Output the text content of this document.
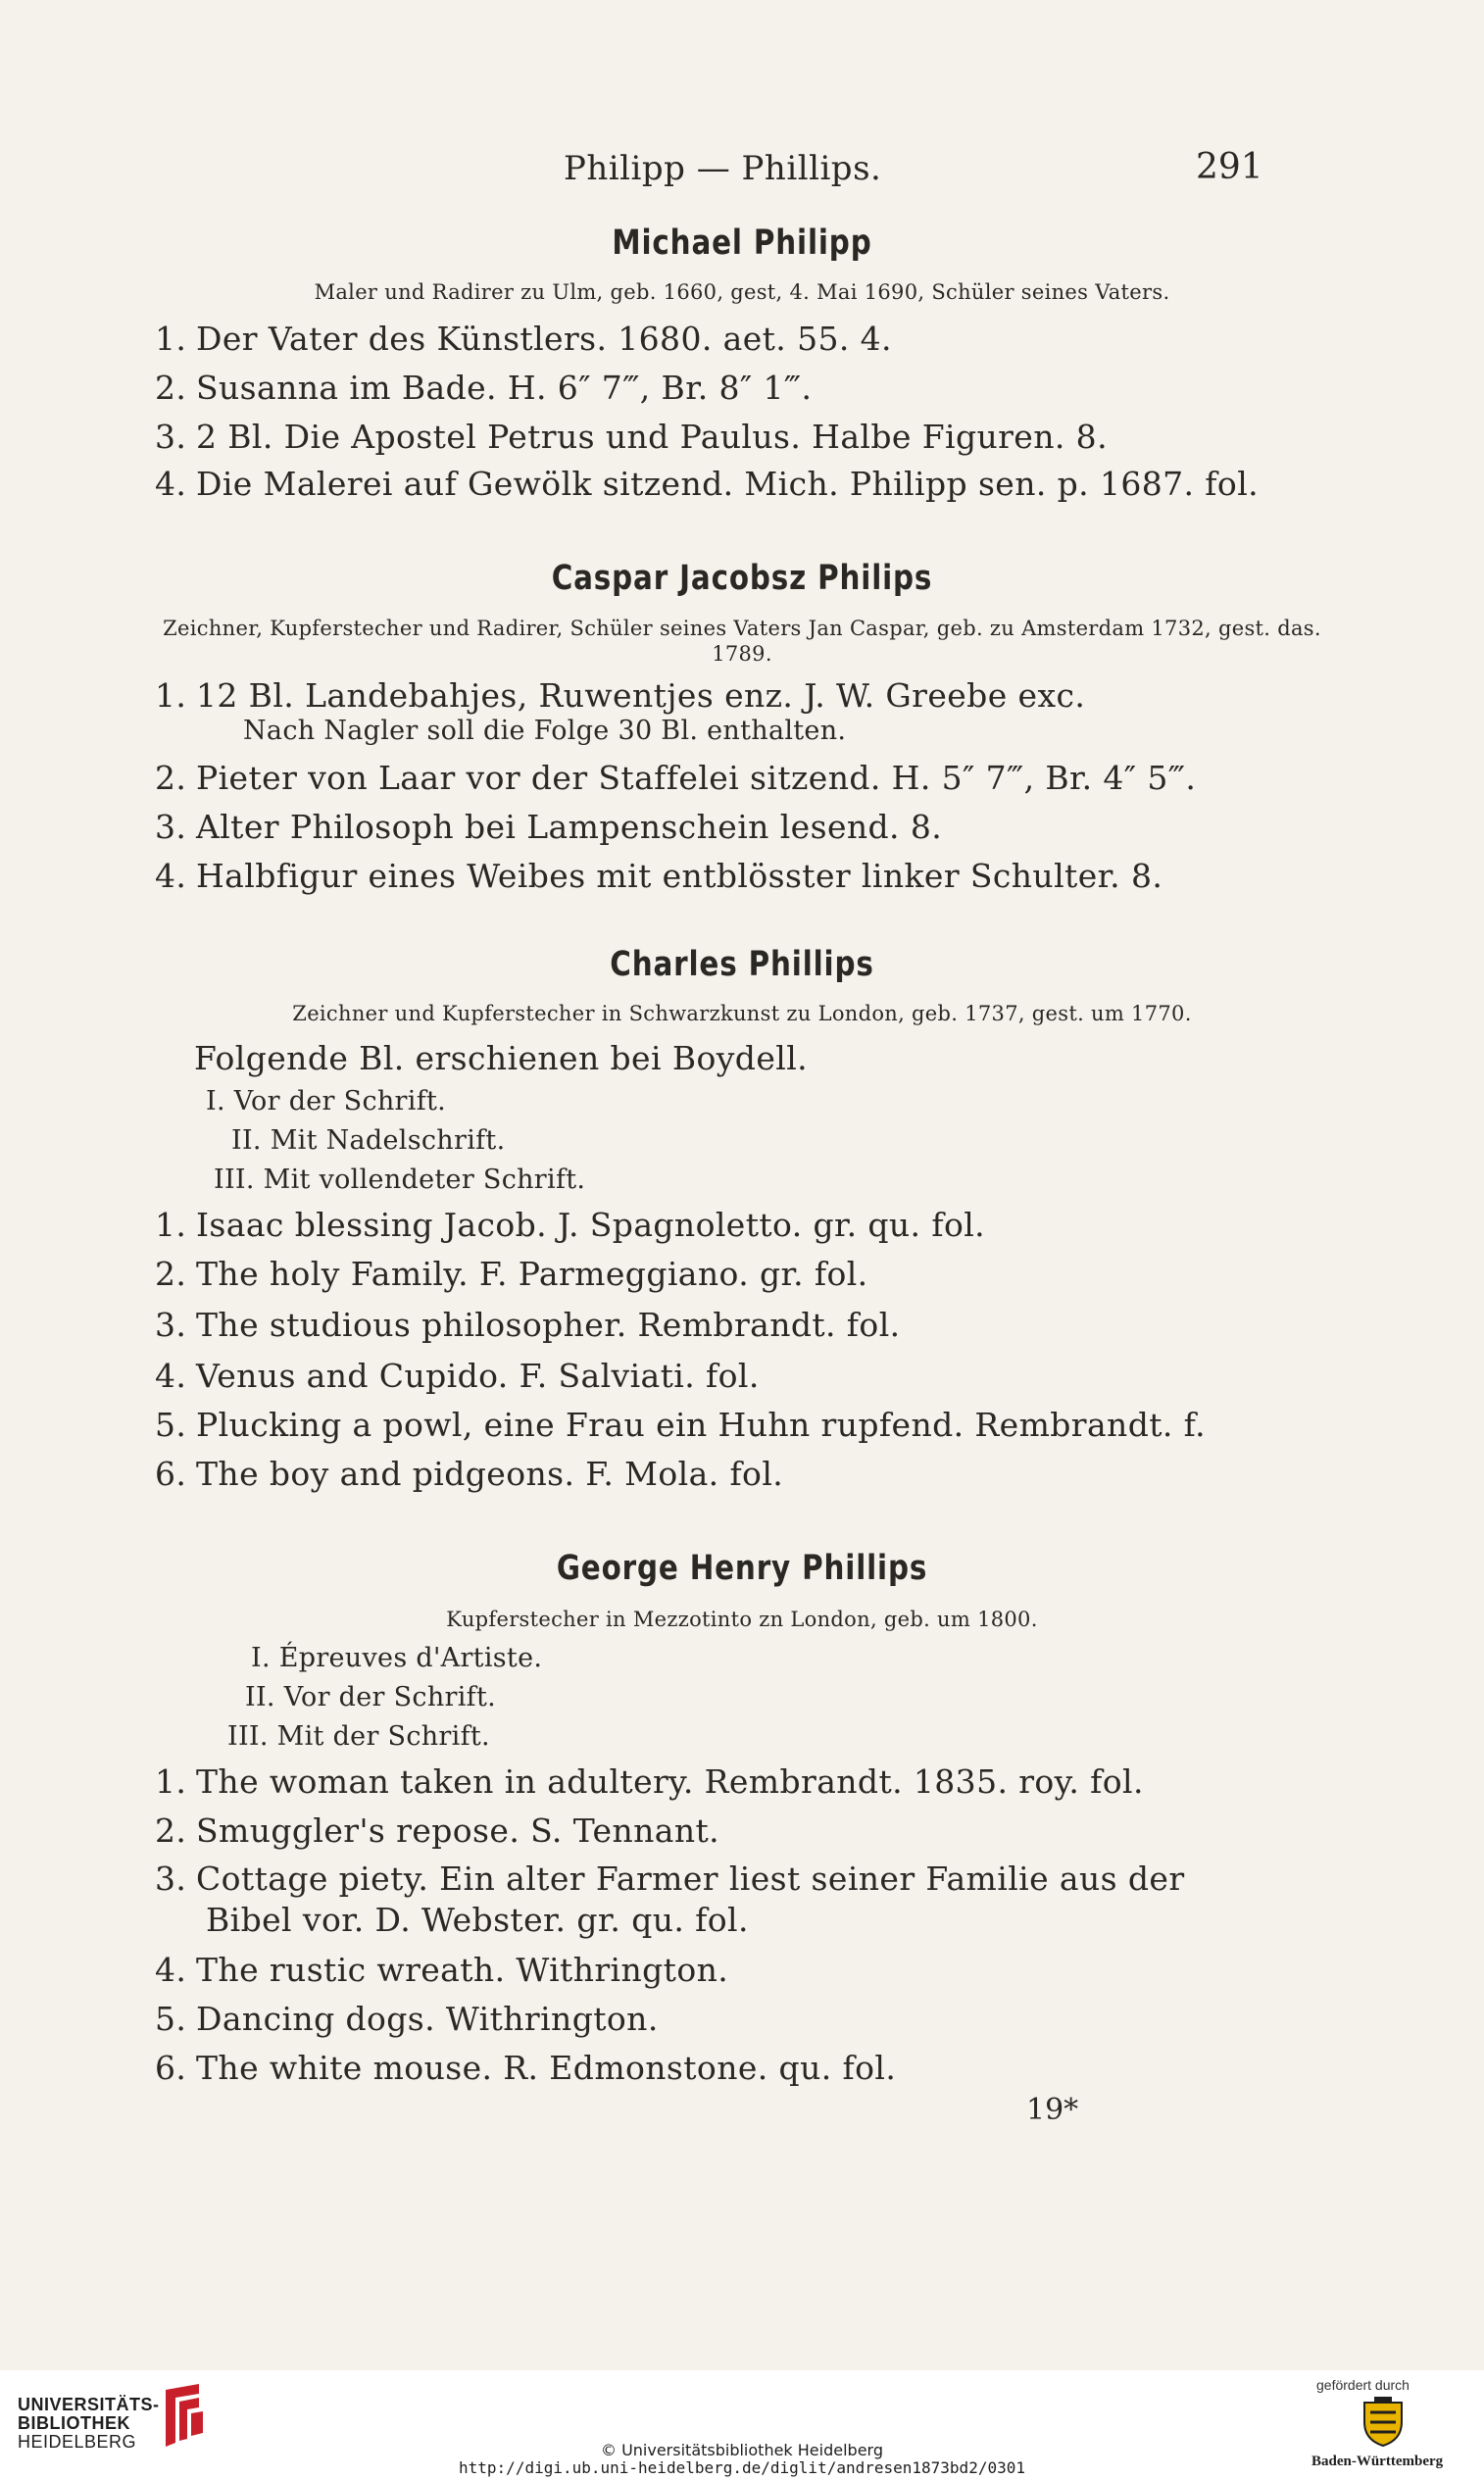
Philipp — Phillips.	291
Michael Philipp
Maler und Radirer zu Ulm, geb. 1660, gest, 4. Mai 1690, Schüler seines Vaters.
1. Der Vater des Künstlers. 1680. aet. 55. 4.
2. Susanna im Bade. H. 6″ 7‴, Br. 8″ 1‴.
3. 2 Bl. Die Apostel Petrus und Paulus. Halbe Figuren. 8.
4. Die Malerei auf Gewölk sitzend. Mich. Philipp sen. p. 1687. fol.
Caspar Jacobsz Philips
Zeichner, Kupferstecher und Radirer, Schüler seines Vaters Jan Caspar, geb. zu Amsterdam 1732, gest. das. 1789.
1. 12 Bl. Landebahjes, Ruwentjes enz. J. W. Greebe exc.
Nach Nagler soll die Folge 30 Bl. enthalten.
2. Pieter von Laar vor der Staffelei sitzend. H. 5″ 7‴, Br. 4″ 5‴.
3. Alter Philosoph bei Lampenschein lesend. 8.
4. Halbfigur eines Weibes mit entblösster linker Schulter. 8.
Charles Phillips
Zeichner und Kupferstecher in Schwarzkunst zu London, geb. 1737, gest. um 1770.
Folgende Bl. erschienen bei Boydell.
I. Vor der Schrift.
II. Mit Nadelschrift.
III. Mit vollendeter Schrift.
1. Isaac blessing Jacob. J. Spagnoletto. gr. qu. fol.
2. The holy Family. F. Parmeggiano. gr. fol.
3. The studious philosopher. Rembrandt. fol.
4. Venus and Cupido. F. Salviati. fol.
5. Plucking a powl, eine Frau ein Huhn rupfend. Rembrandt. f.
6. The boy and pidgeons. F. Mola. fol.
George Henry Phillips
Kupferstecher in Mezzotinto zn London, geb. um 1800.
I. Épreuves d'Artiste.
II. Vor der Schrift.
III. Mit der Schrift.
1. The woman taken in adultery. Rembrandt. 1835. roy. fol.
2. Smuggler's repose. S. Tennant.
3. Cottage piety. Ein alter Farmer liest seiner Familie aus der
Bibel vor. D. Webster. gr. qu. fol.
4. The rustic wreath. Withrington.
5. Dancing dogs. Withrington.
6. The white mouse. R. Edmonstone. qu. fol.
19*
UNIVERSITÄTS-
BIBLIOTHEK
HEIDELBERG	© Universitätsbibliothek Heidelberg
http://digi.ub.uni-heidelberg.de/diglit/andresen1873bd2/0301
gefördert durch
Baden-Württemberg
